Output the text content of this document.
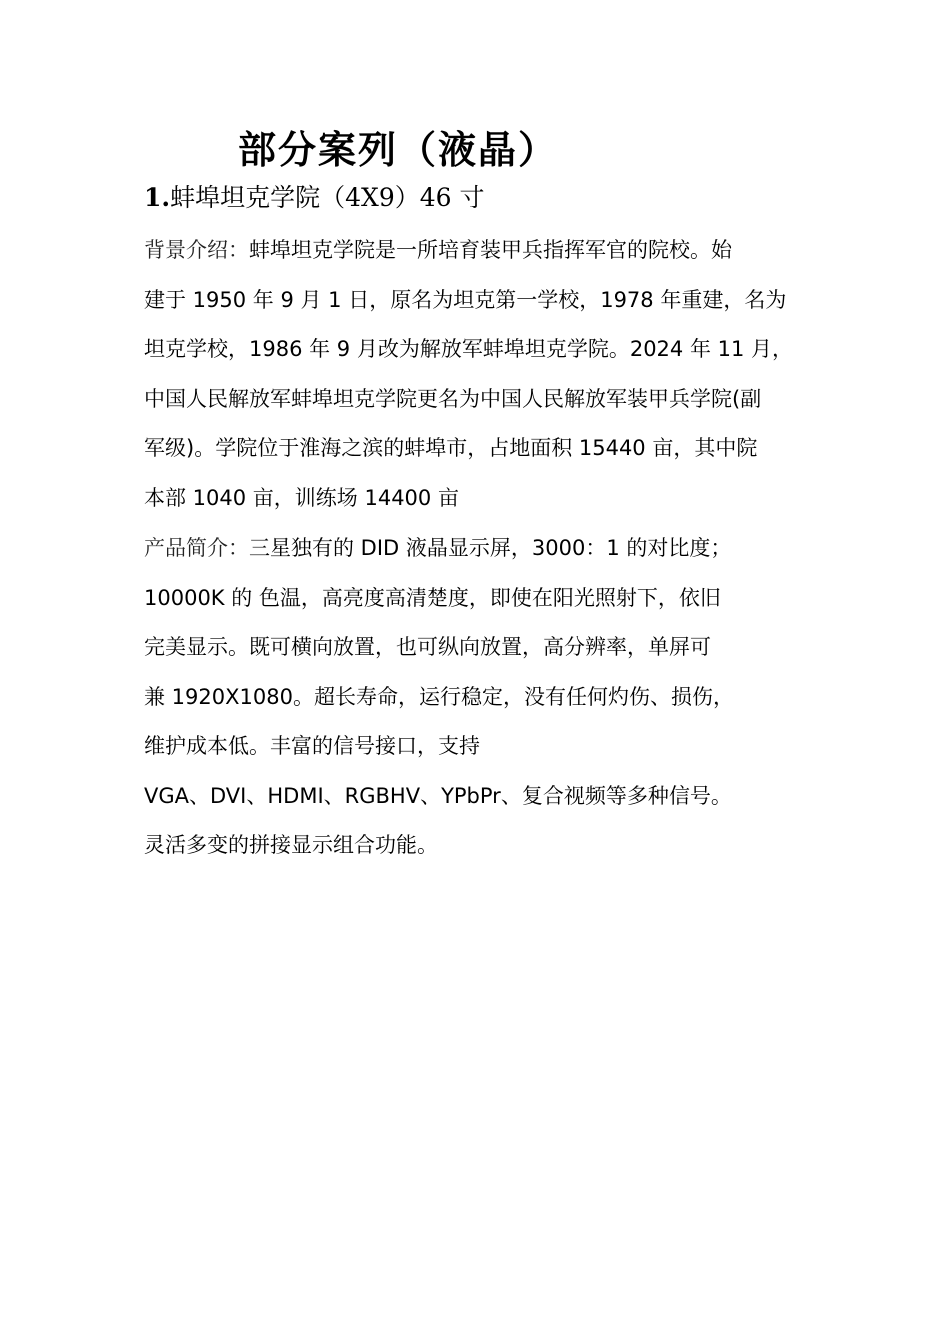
部分案列（液晶）
1.蚌埠坦克学院（4X9）46 寸
背景介绍：蚌埠坦克学院是一所培育装甲兵指挥军官的院校。始
建于 1950 年 9 月 1 日，原名为坦克第一学校，1978 年重建，名为
坦克学校，1986 年 9 月改为解放军蚌埠坦克学院。2024 年 11 月，
中国人民解放军蚌埠坦克学院更名为中国人民解放军装甲兵学院(副
军级)。学院位于淮海之滨的蚌埠市，占地面积 15440 亩，其中院
本部 1040 亩，训练场 14400 亩
产品简介：三星独有的 DID 液晶显示屏，3000：1 的对比度；
10000K 的 色温，高亮度高清楚度，即使在阳光照射下，依旧
完美显示。既可横向放置，也可纵向放置，高分辨率，单屏可
兼 1920X1080。超长寿命，运行稳定，没有任何灼伤、损伤，
维护成本低。丰富的信号接口，支持
VGA、DVI、HDMI、RGBHV、YPbPr、复合视频等多种信号。
灵活多变的拼接显示组合功能。
